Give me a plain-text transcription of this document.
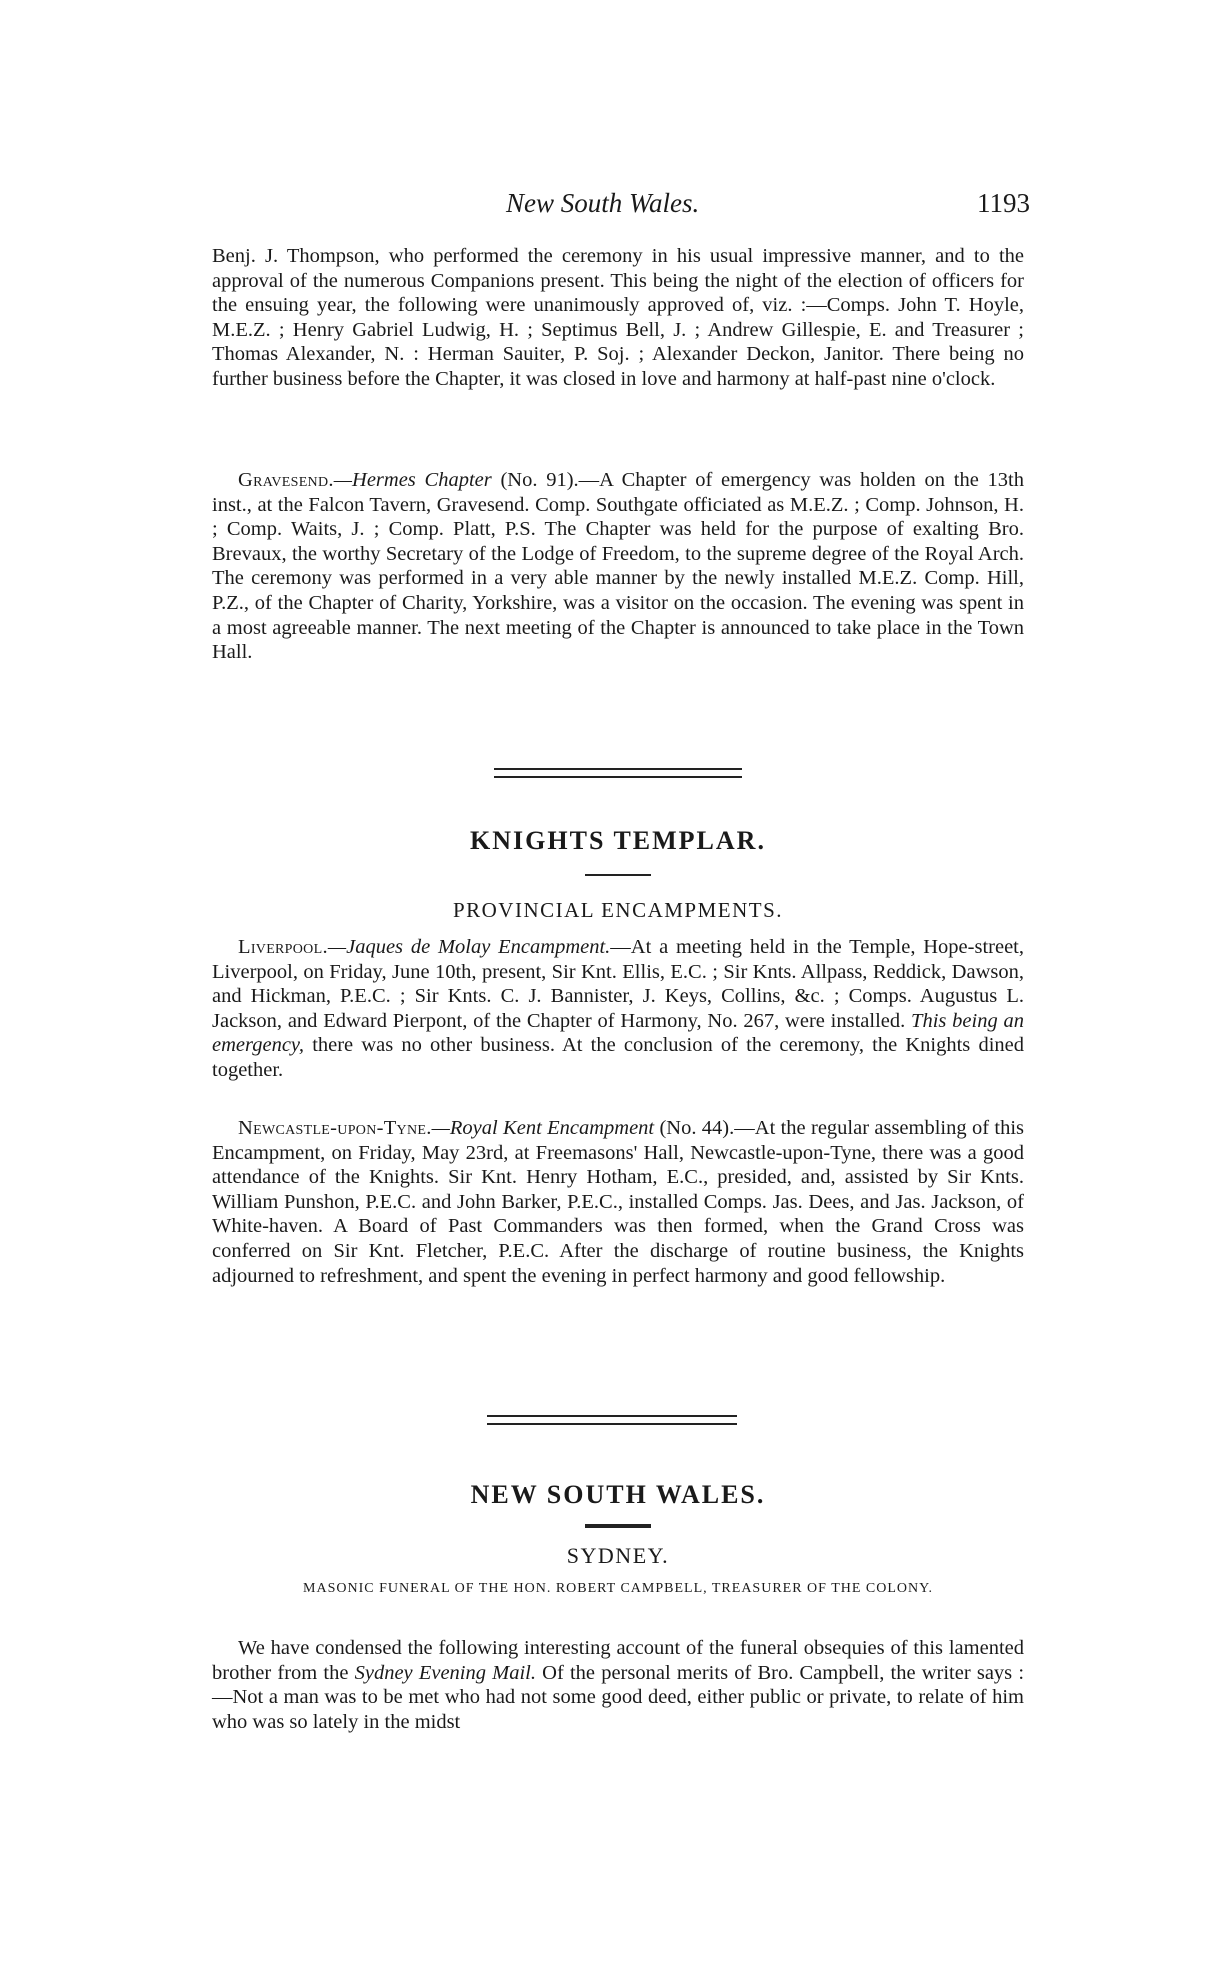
New South Wales.	1193

Benj. J. Thompson, who performed the ceremony in his usual impressive manner, and to the approval of the numerous Companions present. This being the night of the election of officers for the ensuing year, the following were unanimously approved of, viz. :—Comps. John T. Hoyle, M.E.Z. ; Henry Gabriel Ludwig, H. ; Septimus Bell, J. ; Andrew Gillespie, E. and Treasurer ; Thomas Alexander, N. : Herman Sauiter, P. Soj. ; Alexander Deckon, Janitor. There being no further business before the Chapter, it was closed in love and harmony at half-past nine o'clock.

Gravesend.—Hermes Chapter (No. 91).—A Chapter of emergency was holden on the 13th inst., at the Falcon Tavern, Gravesend. Comp. Southgate officiated as M.E.Z. ; Comp. Johnson, H. ; Comp. Waits, J. ; Comp. Platt, P.S. The Chapter was held for the purpose of exalting Bro. Brevaux, the worthy Secretary of the Lodge of Freedom, to the supreme degree of the Royal Arch. The ceremony was performed in a very able manner by the newly installed M.E.Z. Comp. Hill, P.Z., of the Chapter of Charity, Yorkshire, was a visitor on the occasion. The evening was spent in a most agreeable manner. The next meeting of the Chapter is announced to take place in the Town Hall.

KNIGHTS TEMPLAR.
PROVINCIAL ENCAMPMENTS.

Liverpool.—Jaques de Molay Encampment.—At a meeting held in the Temple, Hope-street, Liverpool, on Friday, June 10th, present, Sir Knt. Ellis, E.C. ; Sir Knts. Allpass, Reddick, Dawson, and Hickman, P.E.C. ; Sir Knts. C. J. Bannister, J. Keys, Collins, &c. ; Comps. Augustus L. Jackson, and Edward Pierpont, of the Chapter of Harmony, No. 267, were installed. This being an emergency, there was no other business. At the conclusion of the ceremony, the Knights dined together.

Newcastle-upon-Tyne.—Royal Kent Encampment (No. 44).—At the regular assembling of this Encampment, on Friday, May 23rd, at Freemasons' Hall, Newcastle-upon-Tyne, there was a good attendance of the Knights. Sir Knt. Henry Hotham, E.C., presided, and, assisted by Sir Knts. William Punshon, P.E.C. and John Barker, P.E.C., installed Comps. Jas. Dees, and Jas. Jackson, of White-haven. A Board of Past Commanders was then formed, when the Grand Cross was conferred on Sir Knt. Fletcher, P.E.C. After the discharge of routine business, the Knights adjourned to refreshment, and spent the evening in perfect harmony and good fellowship.

NEW SOUTH WALES.
SYDNEY.
MASONIC FUNERAL OF THE HON. ROBERT CAMPBELL, TREASURER OF THE COLONY.

We have condensed the following interesting account of the funeral obsequies of this lamented brother from the Sydney Evening Mail. Of the personal merits of Bro. Campbell, the writer says :—Not a man was to be met who had not some good deed, either public or private, to relate of him who was so lately in the midst
